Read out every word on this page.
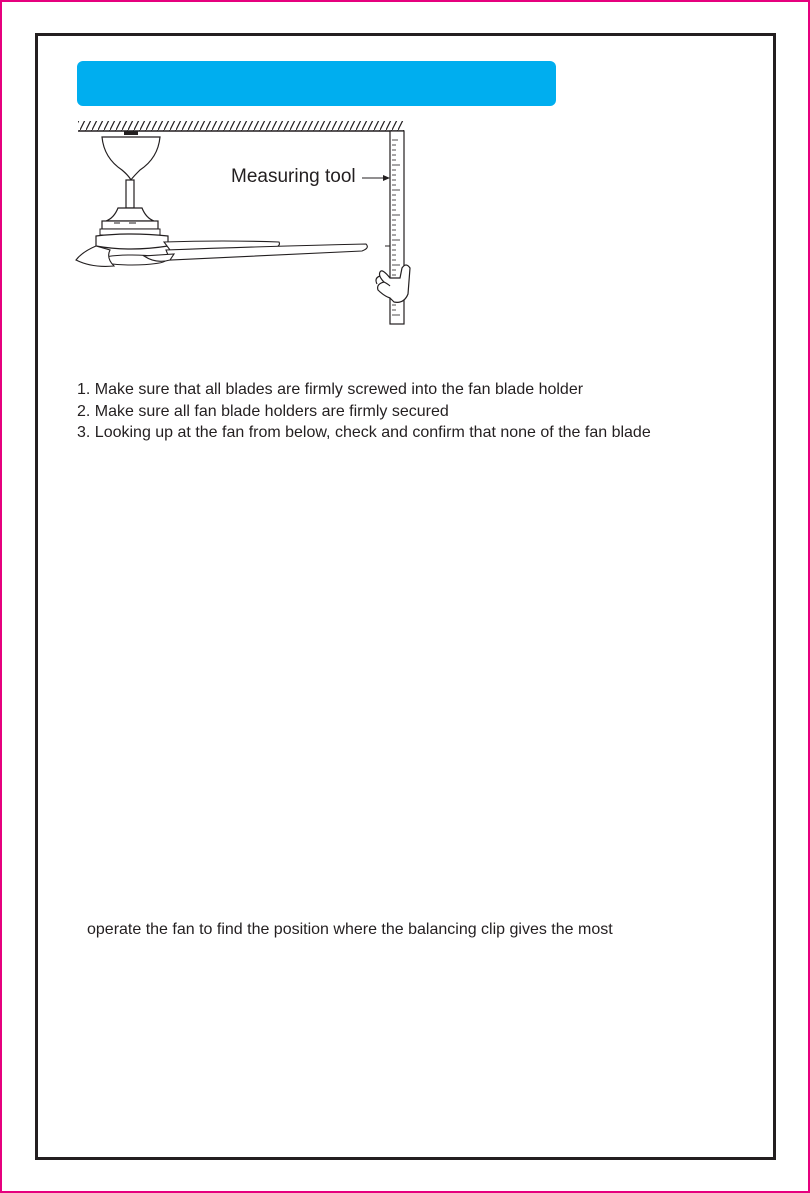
Measuring tool
1. Make sure that all blades are firmly screwed into the fan blade holder
2. Make sure all fan blade holders are firmly secured
3. Looking up at the fan from below, check and confirm that none of the fan blade
operate the fan to find the position where the balancing clip gives the most
